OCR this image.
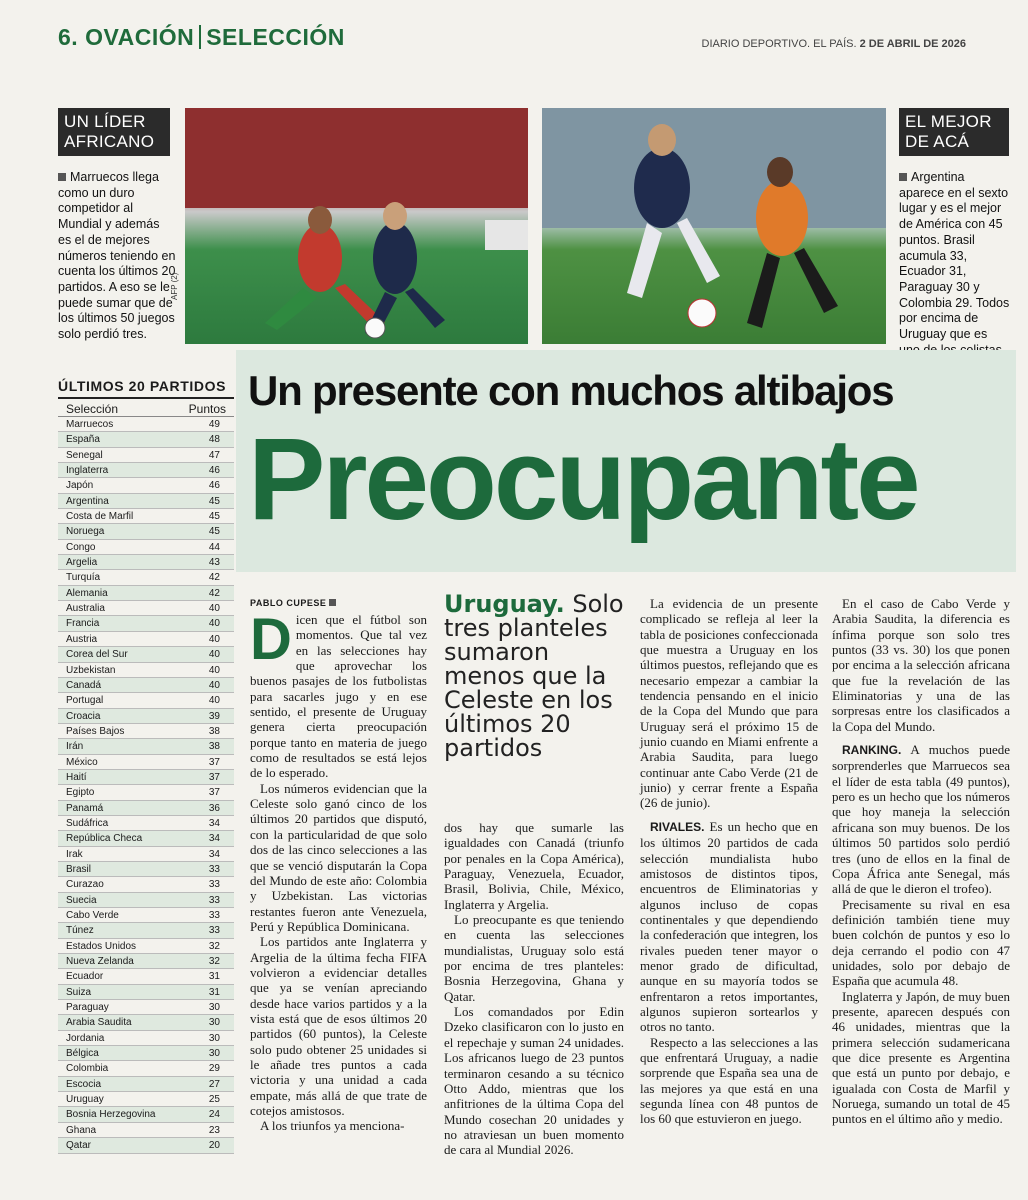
6. OVACIÓN SELECCIÓN	DIARIO DEPORTIVO. EL PAÍS. 2 DE ABRIL DE 2026
UN LÍDER
AFRICANO
Marruecos llega como un duro competidor al Mundial y además es el de mejores números teniendo en cuenta los últimos 20 partidos. A eso se le puede sumar que de los últimos 50 juegos solo perdió tres.
AFP (2)
EL MEJOR
DE ACÁ
Argentina aparece en el sexto lugar y es el mejor de América con 45 puntos. Brasil acumula 33, Ecuador 31, Paraguay 30 y Colombia 29. Todos por encima de Uruguay que es
ÚLTIMOS 20 PARTIDOS
Selección	Puntos
Marruecos	49
España	48
Senegal	47
Inglaterra	46
Japón	46
Argentina	45
Costa de Marfil	45
Noruega	45
Congo	44
Argelia	43
Turquía	42
Alemania	42
Australia	40
Francia	40
Austria	40
Corea del Sur	40
Uzbekistan	40
Canadá	40
Portugal	40
Croacia	39
Países Bajos	38
Irán	38
México	37
Haití	37
Egipto	37
Panamá	36
Sudáfrica	34
República Checa	34
Irak	34
Brasil	33
Curazao	33
Suecia	33
Cabo Verde	33
Túnez	33
Estados Unidos	32
Nueva Zelanda	32
Ecuador	31
Suiza	31
Paraguay	30
Arabia Saudita	30
Jordania	30
Bélgica	30
Colombia	29
Escocia	27
Uruguay	25
Bosnia Herzegovina	24
Ghana	23
Qatar	20
Un presente con muchos altibajos
Preocupante
PABLO CUPESE
D icen que el fútbol son momentos. Que tal vez en las selecciones hay que aprovechar los buenos pasajes de los futbolistas para sacarles jugo y en ese sentido, el presente de Uruguay genera cierta preocupación porque tanto en materia de juego como de resultados se está lejos de lo esperado.

Los números evidencian que la Celeste solo ganó cinco de los últimos 20 partidos que disputó, con la particularidad de que solo dos de las cinco selecciones a las que se venció disputarán la Copa del Mundo de este año: Colombia y Uzbekistan. Las victorias restantes fueron ante Venezuela, Perú y República Dominicana.

Los partidos ante Inglaterra y Argelia de la última fecha FIFA volvieron a evidenciar detalles que ya se venían apreciando desde hace varios partidos y a la vista está que de esos últimos 20 partidos (60 puntos), la Celeste solo pudo obtener 25 unidades si le añade tres puntos a cada victoria y una unidad a cada empate, más allá de que trate de cotejos amistosos.

A los triunfos ya menciona-

Uruguay. Solo tres planteles sumaron menos que la Celeste en los últimos 20 partidos

dos hay que sumarle las igualdades con Canadá (triunfo por penales en la Copa América), Paraguay, Venezuela, Ecuador, Brasil, Bolivia, Chile, México, Inglaterra y Argelia.

Lo preocupante es que teniendo en cuenta las selecciones mundialistas, Uruguay solo está por encima de tres planteles: Bosnia Herzegovina, Ghana y Qatar.

Los comandados por Edin Dzeko clasificaron con lo justo en el repechaje y suman 24 unidades. Los africanos luego de 23 puntos terminaron cesando a su técnico Otto Addo, mientras que los anfitriones de la última Copa del Mundo cosechan 20 unidades y no atraviesan un buen momento de cara al Mundial 2026.

La evidencia de un presente complicado se refleja al leer la tabla de posiciones confeccionada que muestra a Uruguay en los últimos puestos, reflejando que es necesario empezar a cambiar la tendencia pensando en el inicio de la Copa del Mundo que para Uruguay será el próximo 15 de junio cuando en Miami enfrente a Arabia Saudita, para luego continuar ante Cabo Verde (21 de junio) y cerrar frente a España (26 de junio).

RIVALES. Es un hecho que en los últimos 20 partidos de cada selección mundialista hubo amistosos de distintos tipos, encuentros de Eliminatorias y algunos incluso de copas continentales y que dependiendo la confederación que integren, los rivales pueden tener mayor o menor grado de dificultad, aunque en su mayoría todos se enfrentaron a retos importantes, algunos supieron sortearlos y otros no tanto.

Respecto a las selecciones a las que enfrentará Uruguay, a nadie sorprende que España sea una de las mejores ya que está en una segunda línea con 48 puntos de los 60 que estuvieron en juego.

En el caso de Cabo Verde y Arabia Saudita, la diferencia es ínfima porque son solo tres puntos (33 vs. 30) los que ponen por encima a la selección africana que fue la revelación de las Eliminatorias y una de las sorpresas entre los clasificados a la Copa del Mundo.

RANKING. A muchos puede sorprenderles que Marruecos sea el líder de esta tabla (49 puntos), pero es un hecho que los números que hoy maneja la selección africana son muy buenos. De los últimos 50 partidos solo perdió tres (uno de ellos en la final de Copa África ante Senegal, más allá de que le dieron el trofeo).

Precisamente su rival en esa definición también tiene muy buen colchón de puntos y eso lo deja cerrando el podio con 47 unidades, solo por debajo de España que acumula 48.

Inglaterra y Japón, de muy buen presente, aparecen después con 46 unidades, mientras que la primera selección sudamericana que dice presente es Argentina que está un punto por debajo, e igualada con Costa de Marfil y Noruega, sumando un total de 45 puntos en el último año y medio.
